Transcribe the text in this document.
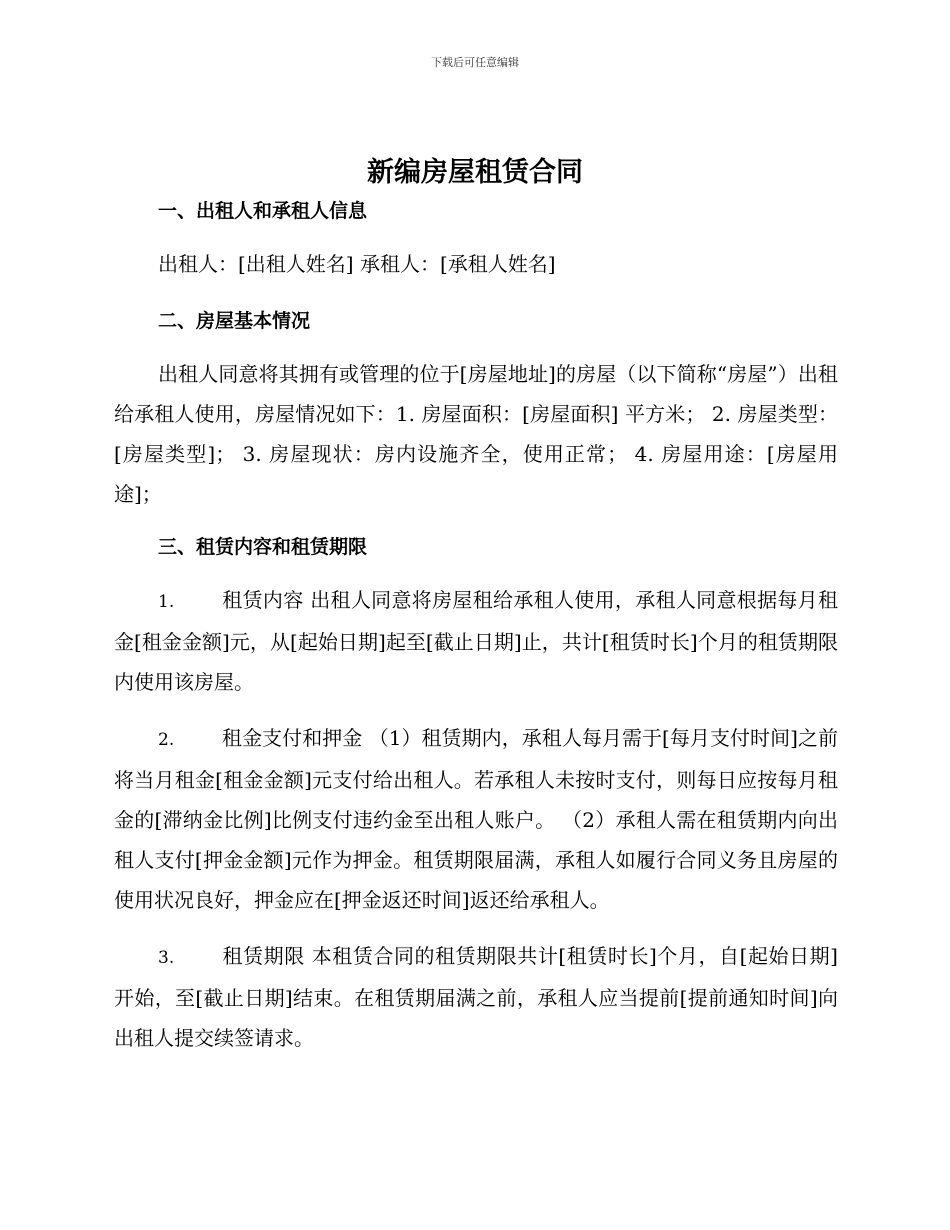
下载后可任意编辑
新编房屋租赁合同

一、出租人和承租人信息

出租人：[出租人姓名] 承租人：[承租人姓名]

二、房屋基本情况

出租人同意将其拥有或管理的位于[房屋地址]的房屋（以下简称“房屋”）出租给承租人使用，房屋情况如下：1. 房屋面积：[房屋面积] 平方米； 2. 房屋类型：[房屋类型]； 3. 房屋现状：房内设施齐全，使用正常； 4. 房屋用途：[房屋用途]；

三、租赁内容和租赁期限

1. 租赁内容 出租人同意将房屋租给承租人使用，承租人同意根据每月租金[租金金额]元，从[起始日期]起至[截止日期]止，共计[租赁时长]个月的租赁期限内使用该房屋。

2. 租金支付和押金 （1）租赁期内，承租人每月需于[每月支付时间]之前将当月租金[租金金额]元支付给出租人。若承租人未按时支付，则每日应按每月租金的[滞纳金比例]比例支付违约金至出租人账户。 （2）承租人需在租赁期内向出租人支付[押金金额]元作为押金。租赁期限届满，承租人如履行合同义务且房屋的使用状况良好，押金应在[押金返还时间]返还给承租人。

3. 租赁期限 本租赁合同的租赁期限共计[租赁时长]个月，自[起始日期]开始，至[截止日期]结束。在租赁期届满之前，承租人应当提前[提前通知时间]向出租人提交续签请求。
